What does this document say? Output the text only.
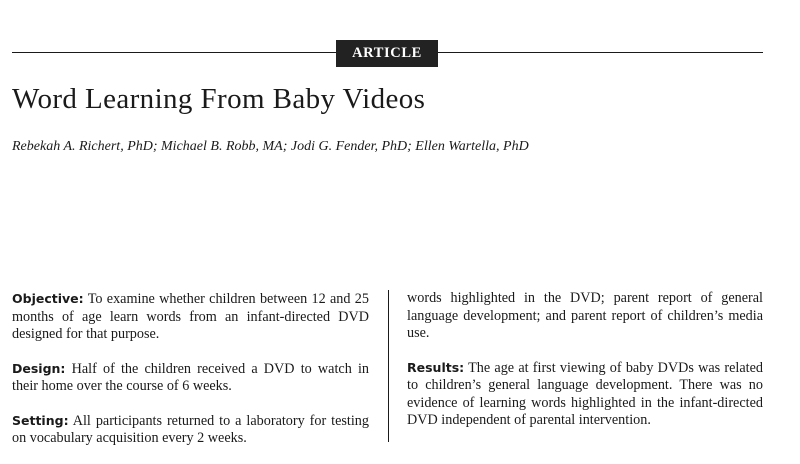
ARTICLE
Word Learning From Baby Videos
Rebekah A. Richert, PhD; Michael B. Robb, MA; Jodi G. Fender, PhD; Ellen Wartella, PhD

Objective: To examine whether children between 12 and 25 months of age learn words from an infant-directed DVD designed for that purpose.

Design: Half of the children received a DVD to watch in their home over the course of 6 weeks.

Setting: All participants returned to a laboratory for testing on vocabulary acquisition every 2 weeks.

words highlighted in the DVD; parent report of general language development; and parent report of children’s media use.

Results: The age at first viewing of baby DVDs was related to children’s general language development. There was no evidence of learning words highlighted in the infant-directed DVD independent of parental intervention.
